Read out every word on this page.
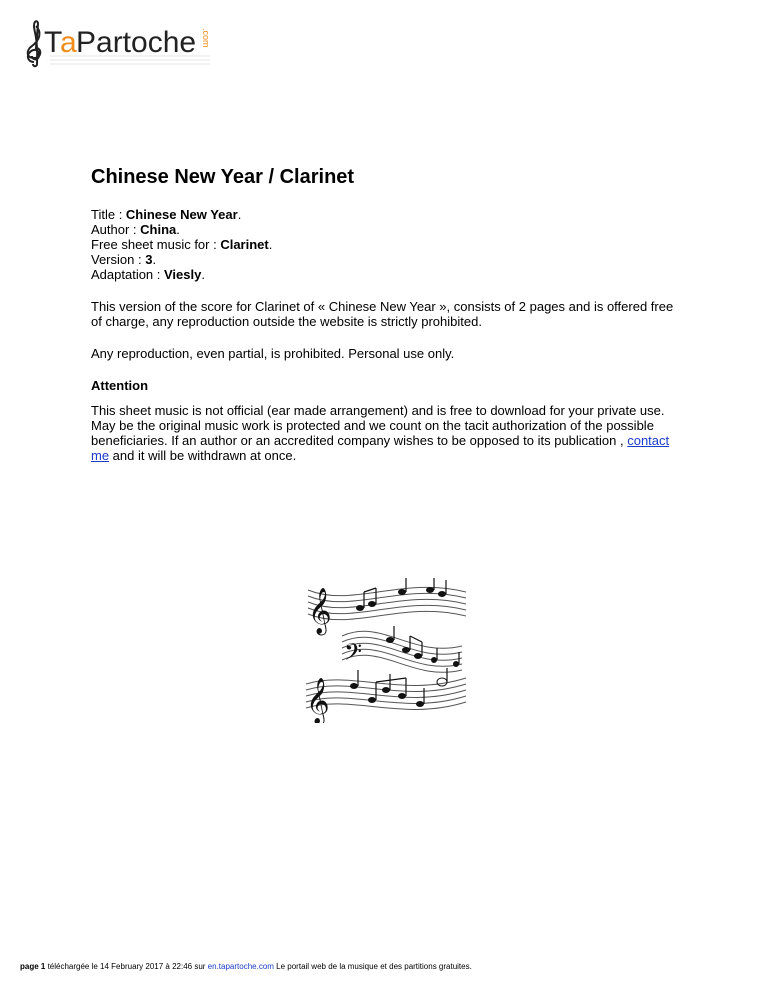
T
a Partoche .com
Chinese New Year / Clarinet
Title : Chinese New Year.
Author : China.
Free sheet music for : Clarinet.
Version : 3.
Adaptation : Viesly.

This version of the score for Clarinet of « Chinese New Year », consists of 2 pages and is offered free of charge, any reproduction outside the website is strictly prohibited.

Any reproduction, even partial, is prohibited. Personal use only.

Attention

This sheet music is not official (ear made arrangement) and is free to download for your private use. May be the original music work is protected and we count on the tacit authorization of the possible beneficiaries. If an author or an accredited company wishes to be opposed to its publication , contact me and it will be withdrawn at once.

𝄞
𝄢
𝄞
page 1 téléchargée le 14 February 2017 à 22:46 sur en.tapartoche.com Le portail web de la musique et des partitions gratuites.
